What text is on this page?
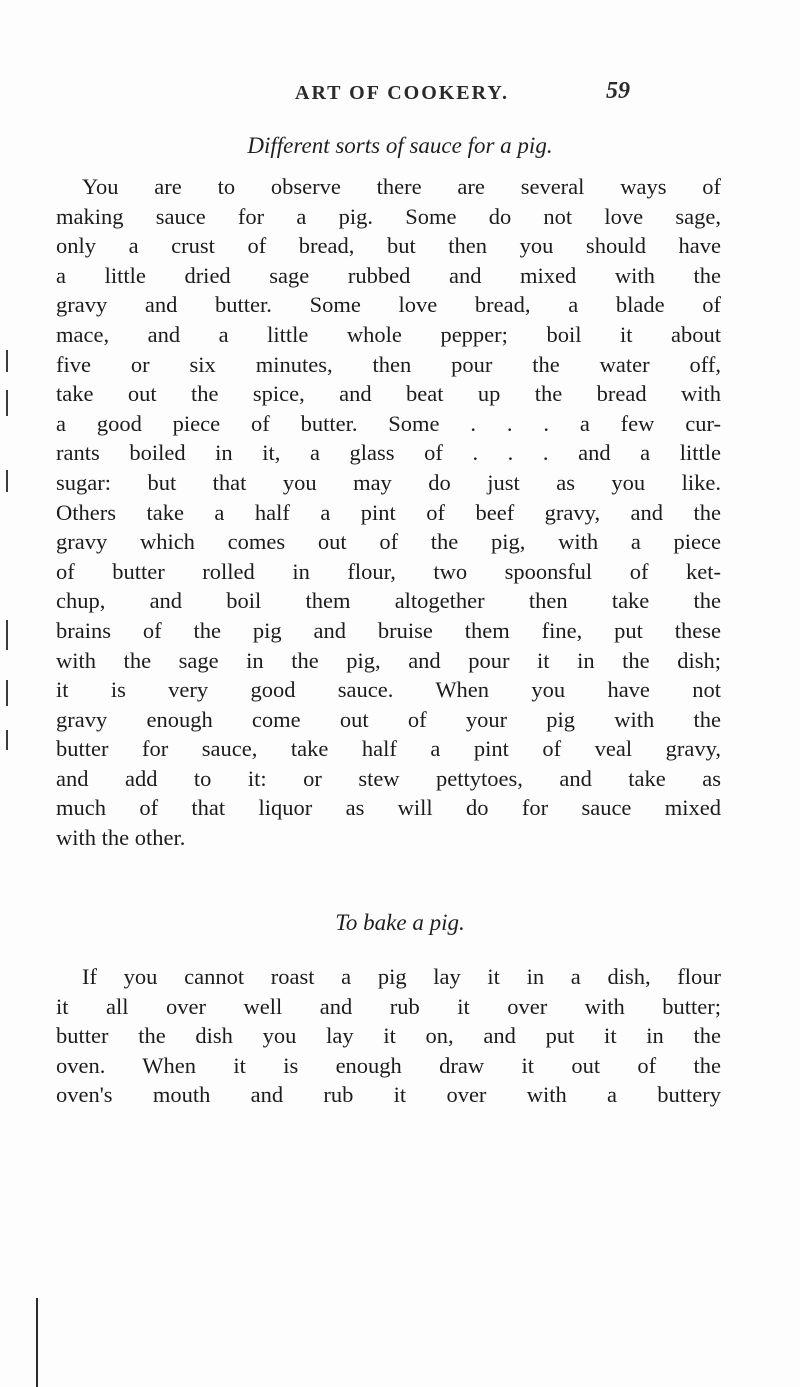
ART OF COOKERY.	59
Different sorts of sauce for a pig.
You are to observe there are several ways of
making sauce for a pig. Some do not love sage,
only a crust of bread, but then you should have
a little dried sage rubbed and mixed with the
gravy and butter. Some love bread, a blade of
mace, and a little whole pepper; boil it about
five or six minutes, then pour the water off,
take out the spice, and beat up the bread with
a good piece of butter. Some . . . a few cur-
rants boiled in it, a glass of . . . and a little
sugar: but that you may do just as you like.
Others take a half a pint of beef gravy, and the
gravy which comes out of the pig, with a piece
of butter rolled in flour, two spoonsful of ket-
chup, and boil them altogether then take the
brains of the pig and bruise them fine, put these
with the sage in the pig, and pour it in the dish;
it is very good sauce. When you have not
gravy enough come out of your pig with the
butter for sauce, take half a pint of veal gravy,
and add to it: or stew pettytoes, and take as
much of that liquor as will do for sauce mixed
with the other.
To bake a pig.
If you cannot roast a pig lay it in a dish, flour
it all over well and rub it over with butter;
butter the dish you lay it on, and put it in the
oven. When it is enough draw it out of the
oven's mouth and rub it over with a buttery
